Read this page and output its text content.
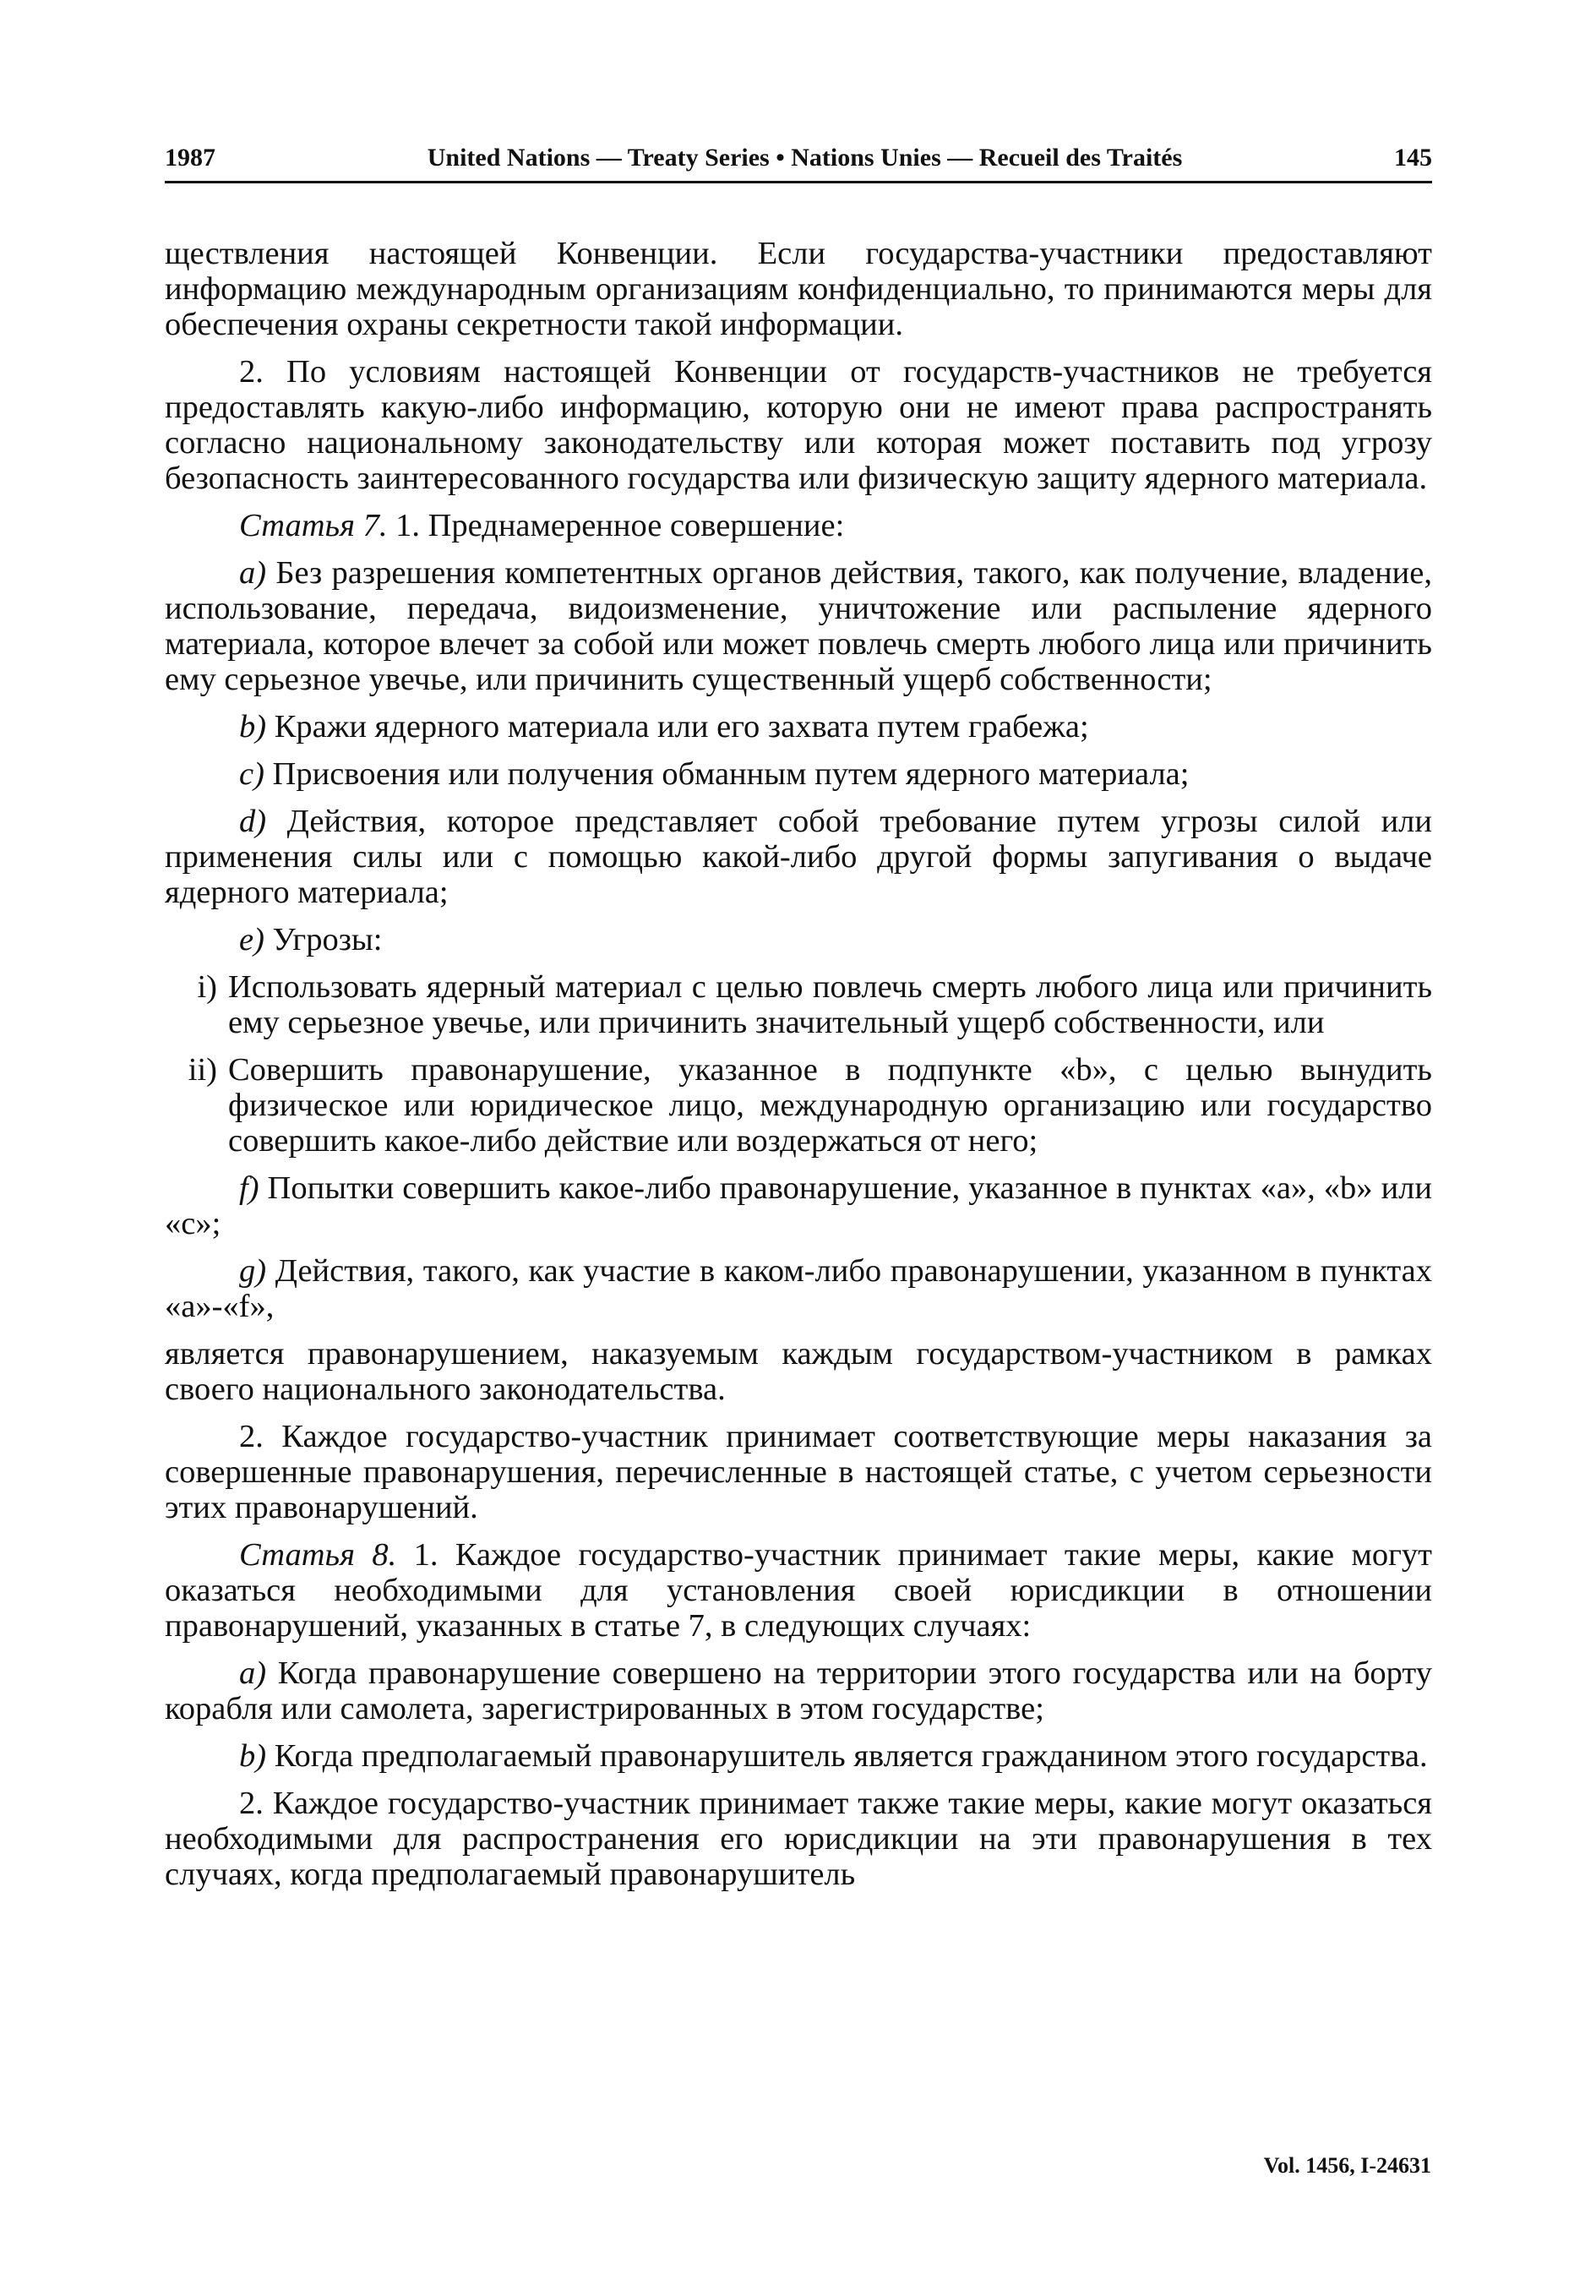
1987	United Nations — Treaty Series • Nations Unies — Recueil des Traités	145

ществления настоящей Конвенции. Если государства-участники предоставляют информацию международным организациям конфиденциально, то принимаются меры для обеспечения охраны секретности такой информации.

2. По условиям настоящей Конвенции от государств-участников не требуется предоставлять какую-либо информацию, которую они не имеют права распространять согласно национальному законодательству или которая может поставить под угрозу безопасность заинтересованного государства или физическую защиту ядерного материала.

Статья 7. 1. Преднамеренное совершение:

a) Без разрешения компетентных органов действия, такого, как получение, владение, использование, передача, видоизменение, уничтожение или распыление ядерного материала, которое влечет за собой или может повлечь смерть любого лица или причинить ему серьезное увечье, или причинить существенный ущерб собственности;

b) Кражи ядерного материала или его захвата путем грабежа;

c) Присвоения или получения обманным путем ядерного материала;

d) Действия, которое представляет собой требование путем угрозы силой или применения силы или с помощью какой-либо другой формы запугивания о выдаче ядерного материала;

e) Угрозы:

i) Использовать ядерный материал с целью повлечь смерть любого лица или причинить ему серьезное увечье, или причинить значительный ущерб собственности, или
ii) Совершить правонарушение, указанное в подпункте «b», с целью вынудить физическое или юридическое лицо, международную организацию или государство совершить какое-либо действие или воздержаться от него;

f) Попытки совершить какое-либо правонарушение, указанное в пунктах «a», «b» или «c»;

g) Действия, такого, как участие в каком-либо правонарушении, указанном в пунктах «a»-«f»,

является правонарушением, наказуемым каждым государством-участником в рамках своего национального законодательства.

2. Каждое государство-участник принимает соответствующие меры наказания за совершенные правонарушения, перечисленные в настоящей статье, с учетом серьезности этих правонарушений.

Статья 8. 1. Каждое государство-участник принимает такие меры, какие могут оказаться необходимыми для установления своей юрисдикции в отношении правонарушений, указанных в статье 7, в следующих случаях:

a) Когда правонарушение совершено на территории этого государства или на борту корабля или самолета, зарегистрированных в этом государстве;

b) Когда предполагаемый правонарушитель является гражданином этого государства.

2. Каждое государство-участник принимает также такие меры, какие могут оказаться необходимыми для распространения его юрисдикции на эти правонарушения в тех случаях, когда предполагаемый правонарушитель

Vol. 1456, I-24631
